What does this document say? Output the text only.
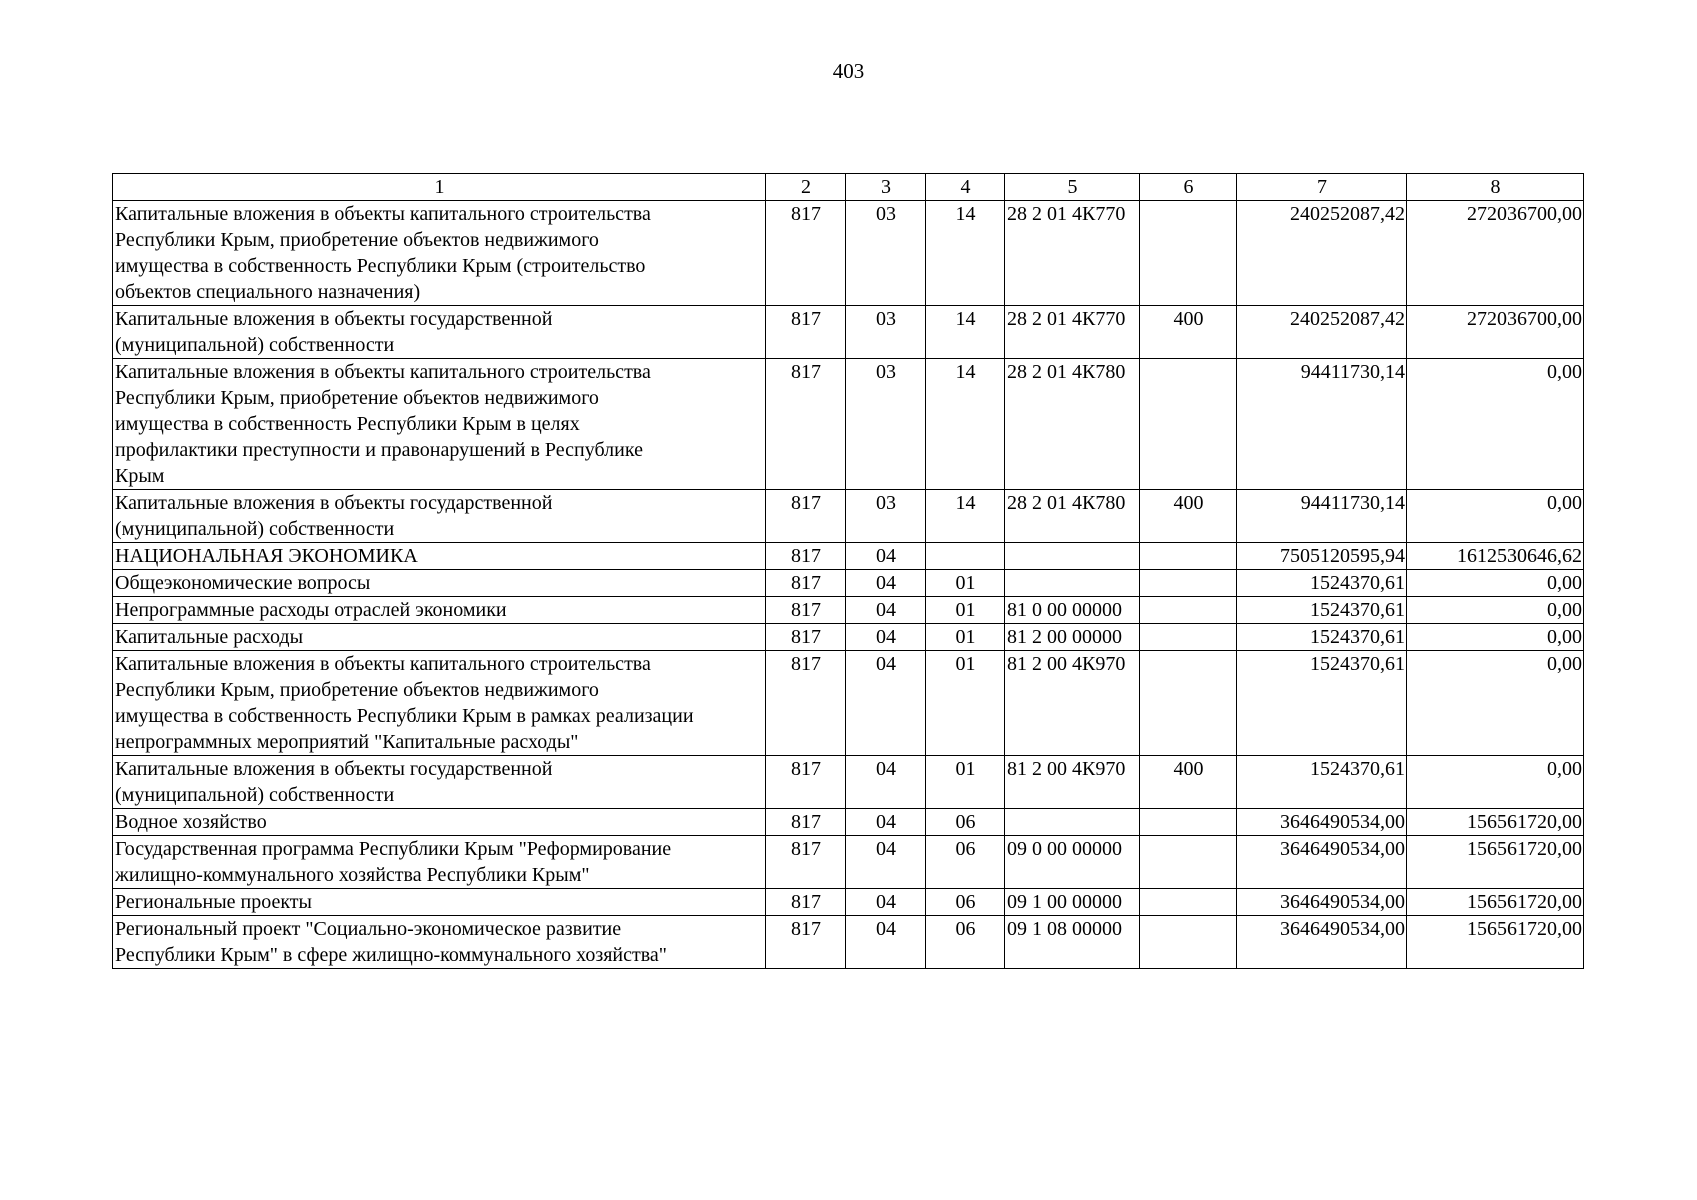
403
1	2	3	4	5	6	7	8
Капитальные вложения в объекты капитального строительства
Республики Крым, приобретение объектов недвижимого
имущества в собственность Республики Крым (строительство
объектов специального назначения)	817	03	14	28 2 01 4К770		240252087,42	272036700,00
Капитальные вложения в объекты государственной
(муниципальной) собственности	817	03	14	28 2 01 4К770	400	240252087,42	272036700,00
Капитальные вложения в объекты капитального строительства
Республики Крым, приобретение объектов недвижимого
имущества в собственность Республики Крым в целях
профилактики преступности и правонарушений в Республике
Крым	817	03	14	28 2 01 4К780		94411730,14	0,00
Капитальные вложения в объекты государственной
(муниципальной) собственности	817	03	14	28 2 01 4К780	400	94411730,14	0,00
НАЦИОНАЛЬНАЯ ЭКОНОМИКА	817	04				7505120595,94	1612530646,62
Общеэкономические вопросы	817	04	01			1524370,61	0,00
Непрограммные расходы отраслей экономики	817	04	01	81 0 00 00000		1524370,61	0,00
Капитальные расходы	817	04	01	81 2 00 00000		1524370,61	0,00
Капитальные вложения в объекты капитального строительства
Республики Крым, приобретение объектов недвижимого
имущества в собственность Республики Крым в рамках реализации
непрограммных мероприятий "Капитальные расходы"	817	04	01	81 2 00 4К970		1524370,61	0,00
Капитальные вложения в объекты государственной
(муниципальной) собственности	817	04	01	81 2 00 4К970	400	1524370,61	0,00
Водное хозяйство	817	04	06			3646490534,00	156561720,00
Государственная программа Республики Крым "Реформирование
жилищно-коммунального хозяйства Республики Крым"	817	04	06	09 0 00 00000		3646490534,00	156561720,00
Региональные проекты	817	04	06	09 1 00 00000		3646490534,00	156561720,00
Региональный проект "Социально-экономическое развитие
Республики Крым" в сфере жилищно-коммунального хозяйства"	817	04	06	09 1 08 00000		3646490534,00	156561720,00
